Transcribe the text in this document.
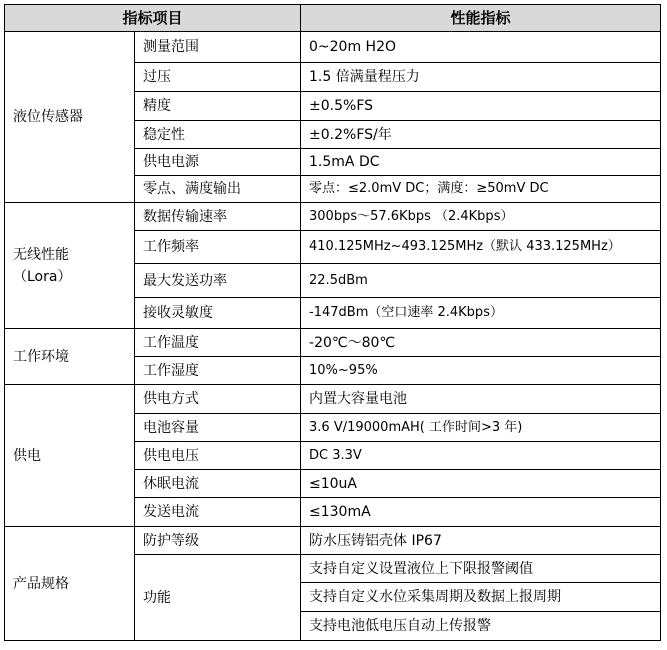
指标项目		性能指标
液位传感器	测量范围	0~20m H2O
	过压	1.5 倍满量程压力
	精度	±0.5%FS
	稳定性	±0.2%FS/年
	供电电源	1.5mA DC
	零点、满度输出	零点：≤2.0mV DC；满度：≥50mV DC

无线性能
（Lora）	数据传输速率	300bps～57.6Kbps （2.4Kbps）
	工作频率	410.125MHz~493.125MHz（默认 433.125MHz）
	最大发送功率	22.5dBm
	接收灵敏度	-147dBm（空口速率 2.4Kbps）
工作环境	工作温度	-20℃～80℃
	工作湿度	10%~95%
供电	供电方式	内置大容量电池
	电池容量	3.6 V/19000mAH( 工作时间>3 年)
	供电电压	DC 3.3V
	休眠电流	≤10uA
	发送电流	≤130mA
产品规格	防护等级	防水压铸铝壳体 IP67
	功能	支持自定义设置液位上下限报警阈值
		支持自定义水位采集周期及数据上报周期
		支持电池低电压自动上传报警
